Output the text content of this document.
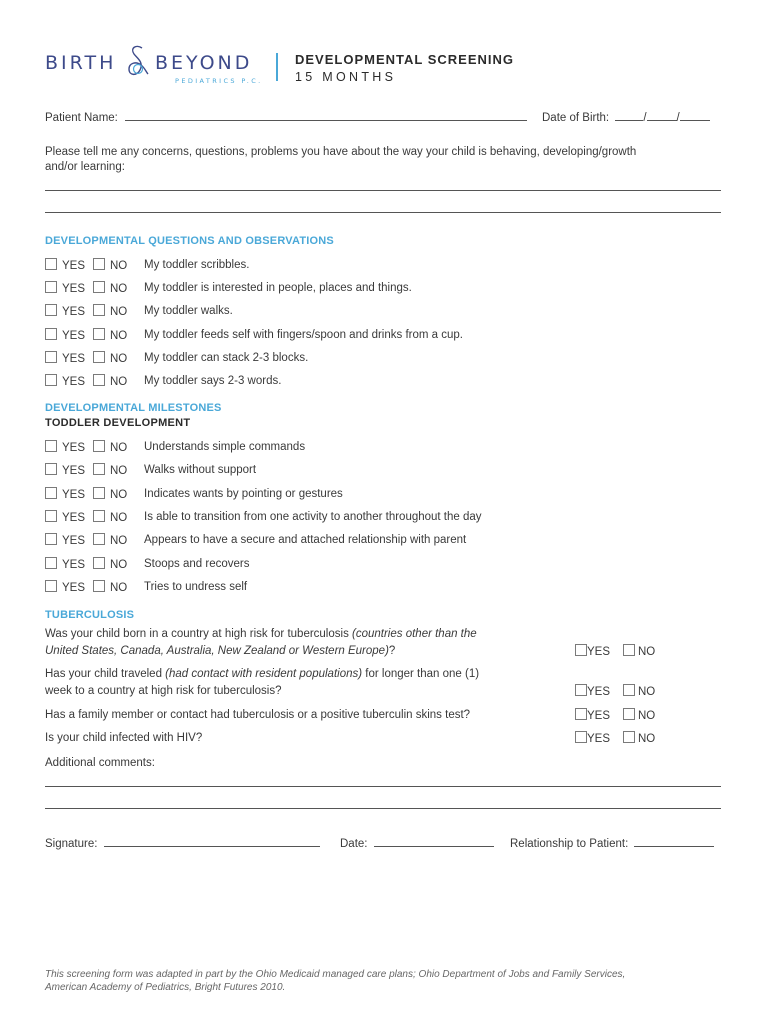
BIRTH BEYOND
PEDIATRICS P.C.
DEVELOPMENTAL SCREENING
15 MONTHS
Patient Name:	Date of Birth:	/	/
Please tell me any concerns, questions, problems you have about the way your child is behaving, developing/growth
and/or learning:
DEVELOPMENTAL QUESTIONS AND OBSERVATIONS
YES	NO My toddler scribbles.
YES	NO My toddler is interested in people, places and things.
YES	NO My toddler walks.
YES	NO My toddler feeds self with fingers/spoon and drinks from a cup.
YES	NO My toddler can stack 2-3 blocks.
YES	NO My toddler says 2-3 words.
DEVELOPMENTAL MILESTONES
TODDLER DEVELOPMENT
YES	NO Understands simple commands
YES	NO Walks without support
YES	NO Indicates wants by pointing or gestures
YES	NO Is able to transition from one activity to another throughout the day
YES	NO Appears to have a secure and attached relationship with parent
YES	NO Stoops and recovers
YES	NO Tries to undress self
TUBERCULOSIS
Was your child born in a country at high risk for tuberculosis (countries other than the
United States, Canada, Australia, New Zealand or Western Europe)?	YES	NO
Has your child traveled (had contact with resident populations) for longer than one (1)
week to a country at high risk for tuberculosis?	YES	NO
Has a family member or contact had tuberculosis or a positive tuberculin skins test?	YES	NO
Is your child infected with HIV?	YES	NO
Additional comments:
Signature:	Date:	Relationship to Patient:
This screening form was adapted in part by the Ohio Medicaid managed care plans; Ohio Department of Jobs and Family Services,
American Academy of Pediatrics, Bright Futures 2010.
